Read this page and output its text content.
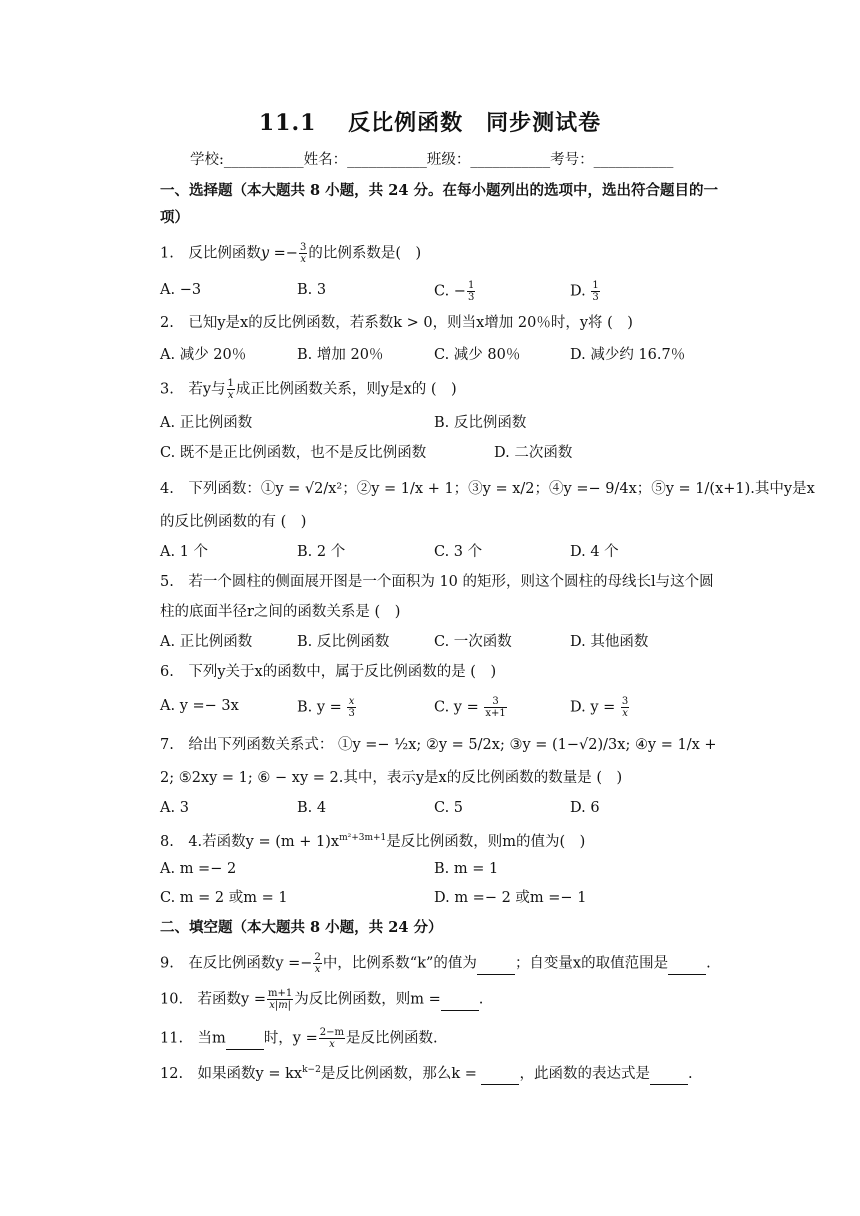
11.1　 反比例函数　同步测试卷
学校:___________姓名：___________班级：___________考号：___________
一、选择题（本大题共 8 小题，共 24 分。在每小题列出的选项中，选出符合题目的一
项）
1.　反比例函数$y =- \frac{3}{x}$ 的比例系数是(　)
A. −3	B. 3	C. − $\frac{1}{3}$	D. $\frac{1}{3}$
2.　已知y是x的反比例函数，若系数k > 0，则当x增加 20％时，y将 (　)
A. 减少 20％	B. 增加 20％	C. 减少 80％	D. 减少约 16.7％
3.　若y与 $\frac{1}{x}$ 成正比例函数关系，则y是x的 (　)
A. 正比例函数	B. 反比例函数
C. 既不是正比例函数，也不是反比例函数	D. 二次函数
4.　下列函数：①y = √2/x²；②y = 1/x + 1；③y = x/2；④y =− 9/4x；⑤y = 1/(x+1).其中y是x
的反比例函数的有 (　)
A. 1 个	B. 2 个	C. 3 个	D. 4 个
5.　若一个圆柱的侧面展开图是一个面积为 10 的矩形，则这个圆柱的母线长l与这个圆
柱的底面半径r之间的函数关系是 (　)
A. 正比例函数	B. 反比例函数	C. 一次函数	D. 其他函数
6.　下列y关于x的函数中，属于反比例函数的是 (　)
A. y =− 3x	B. $y = \frac{x}{3}$	C. $y = \frac{3}{x+1}$	D. $y = \frac{3}{x}$
7.　给出下列函数关系式： ①y =− ½x; ②y = 5/2x; ③y = (1−√2)/3x; ④y = 1/x +
2; ⑤2xy = 1; ⑥ − xy = 2.其中，表示y是x的反比例函数的数量是 (　)
A. 3	B. 4	C. 5	D. 6
8.　4.若函数$y = (m + 1)x^{m^2+3m+1}$是反比例函数，则m的值为(　)
A. m =− 2	B. m = 1
C. m = 2 或m = 1	D. m =− 2 或m =− 1
二、填空题（本大题共 8 小题，共 24 分）
9.　在反比例函数$y =- \frac{2}{x}$ 中，比例系数“k”的值为	；自变量x的取值范围是	.
10.　若函数$y = \frac{m+1}{x|m|}$ 为反比例函数，则m =	.
11.　当m	时，$y = \frac{2-m}{x}$ 是反比例函数.
12.　如果函数$y = kx^{k-2}$是反比例函数，那么k =	，此函数的表达式是	.
